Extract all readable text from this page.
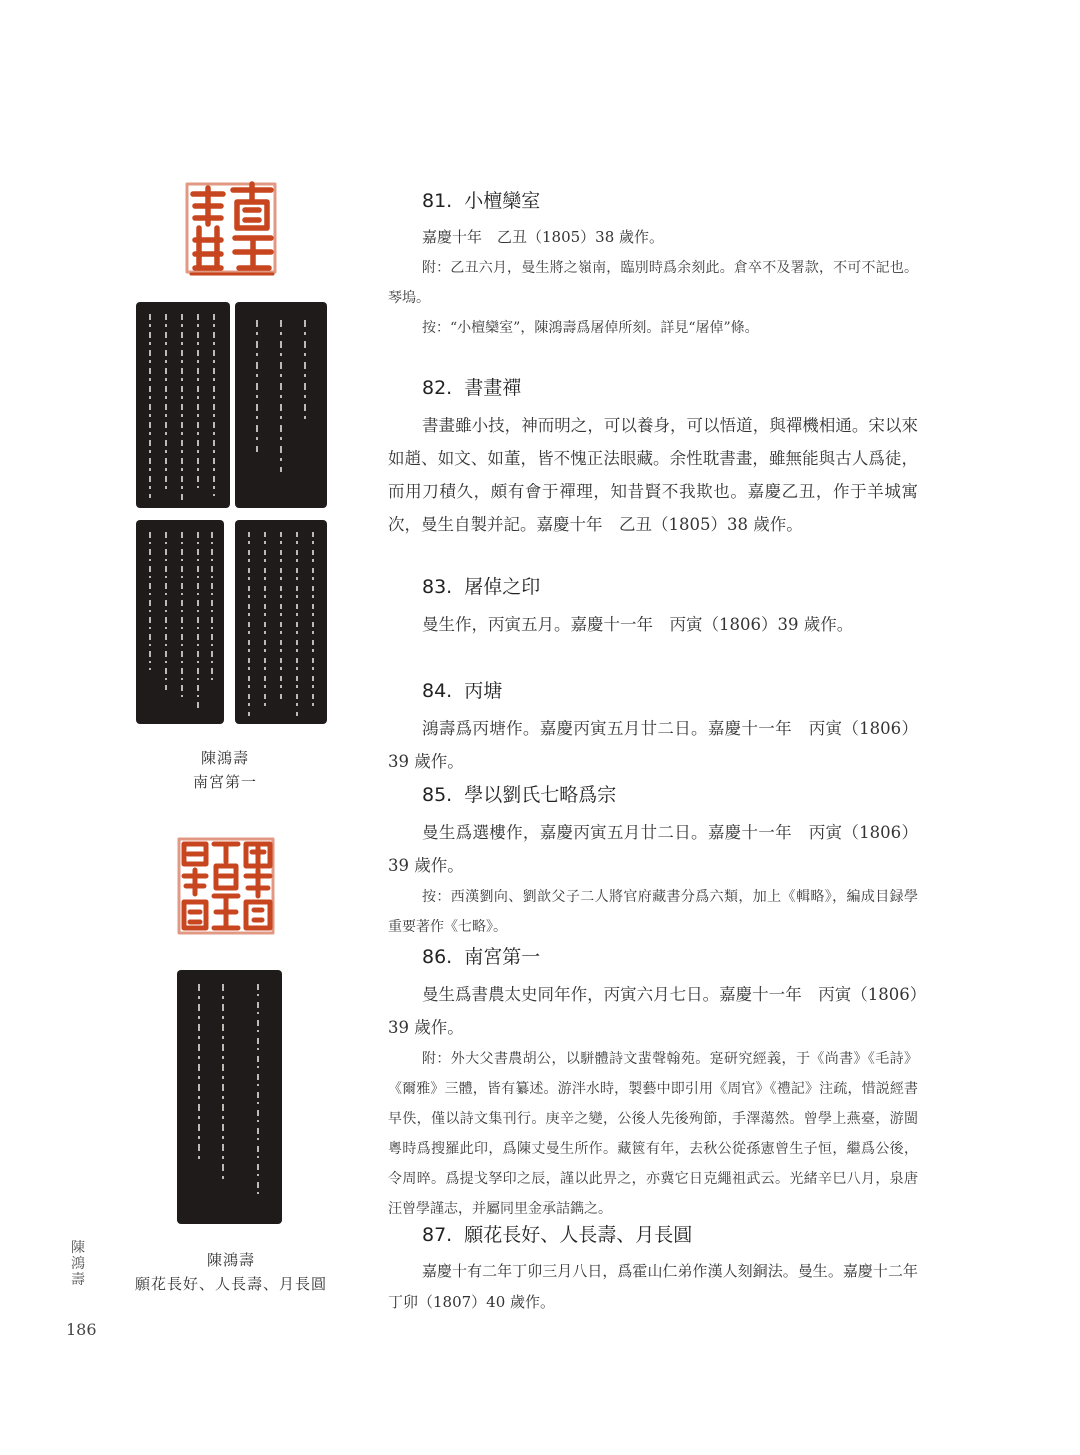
陳鴻壽
南宮第一
陳鴻壽
願花長好、人長壽、月長圓
陳
鴻
壽
186
81. 小檀欒室

嘉慶十年　乙丑（1805）38 歲作。

附：乙丑六月，曼生將之嶺南，臨別時爲余刻此。倉卒不及署款，不可不記也。琴塢。

按：“小檀欒室”，陳鴻壽爲屠倬所刻。詳見“屠倬”條。

82. 書畫禪

書畫雖小技，神而明之，可以養身，可以悟道，與禪機相通。宋以來如趙、如文、如董，皆不愧正法眼藏。余性耽書畫，雖無能與古人爲徒，而用刀積久，頗有會于禪理，知昔賢不我欺也。嘉慶乙丑，作于羊城寓次，曼生自製并記。嘉慶十年　乙丑（1805）38 歲作。

83. 屠倬之印

曼生作，丙寅五月。嘉慶十一年　丙寅（1806）39 歲作。

84. 丙塘

鴻壽爲丙塘作。嘉慶丙寅五月廿二日。嘉慶十一年　丙寅（1806）39 歲作。

85. 學以劉氏七略爲宗

曼生爲選樓作，嘉慶丙寅五月廿二日。嘉慶十一年　丙寅（1806）39 歲作。

按：西漢劉向、劉歆父子二人將官府藏書分爲六類，加上《輯略》，編成目録學重要著作《七略》。

86. 南宮第一

曼生爲書農太史同年作，丙寅六月七日。嘉慶十一年　丙寅（1806）39 歲作。

附：外大父書農胡公，以駢體詩文蜚聲翰苑。寔研究經義，于《尚書》《毛詩》《爾雅》三體，皆有纂述。游泮水時，製藝中即引用《周官》《禮記》注疏，惜説經書早佚，僅以詩文集刊行。庚辛之變，公後人先後殉節，手澤蕩然。曾學上燕臺，游閩粵時爲搜羅此印，爲陳丈曼生所作。藏篋有年，去秋公從孫憲曾生子恒，繼爲公後，令周晬。爲提戈孥印之辰，謹以此畀之，亦冀它日克繩祖武云。光緒辛巳八月，泉唐汪曾學謹志，并屬同里金承詰鐫之。

87. 願花長好、人長壽、月長圓

嘉慶十有二年丁卯三月八日，爲霍山仁弟作漢人刻銅法。曼生。嘉慶十二年　丁卯（1807）40 歲作。
